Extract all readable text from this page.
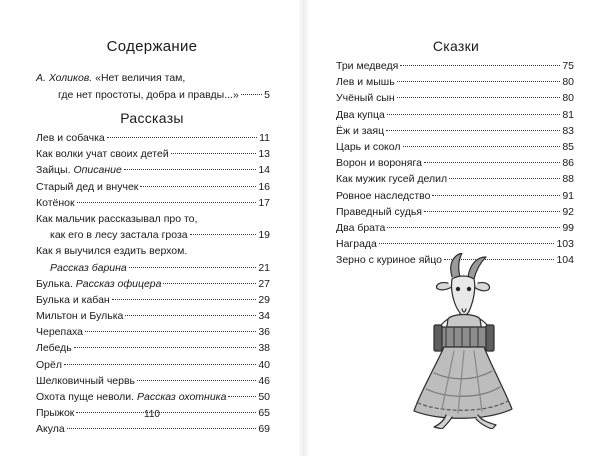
Содержание
А. Холиков. «Нет величия там,
где нет простоты, добра и правды...» 5
Рассказы
Лев и собачка	11
Как волки учат своих детей	13
Зайцы. Описание	14
Старый дед и внучек	16
Котёнок	17
Как мальчик рассказывал про то,
как его в лесу застала гроза	19
Как я выучился ездить верхом.
Рассказ барина	21
Булька. Рассказ офицера	27
Булька и кабан	29
Мильтон и Булька	34
Черепаха	36
Лебедь	38
Орёл	40
Шелковичный червь	46
Охота пуще неволи. Рассказ охотника	50
Прыжок	65
Акула	69
110
Сказки
Три медведя	75
Лев и мышь	80
Учёный сын	80
Два купца	81
Ёж и заяц	83
Царь и сокол	85
Ворон и вороняга	86
Как мужик гусей делил	88
Ровное наследство	91
Праведный судья	92
Два брата	99
Награда	103
Зерно с куриное яйцо	104
